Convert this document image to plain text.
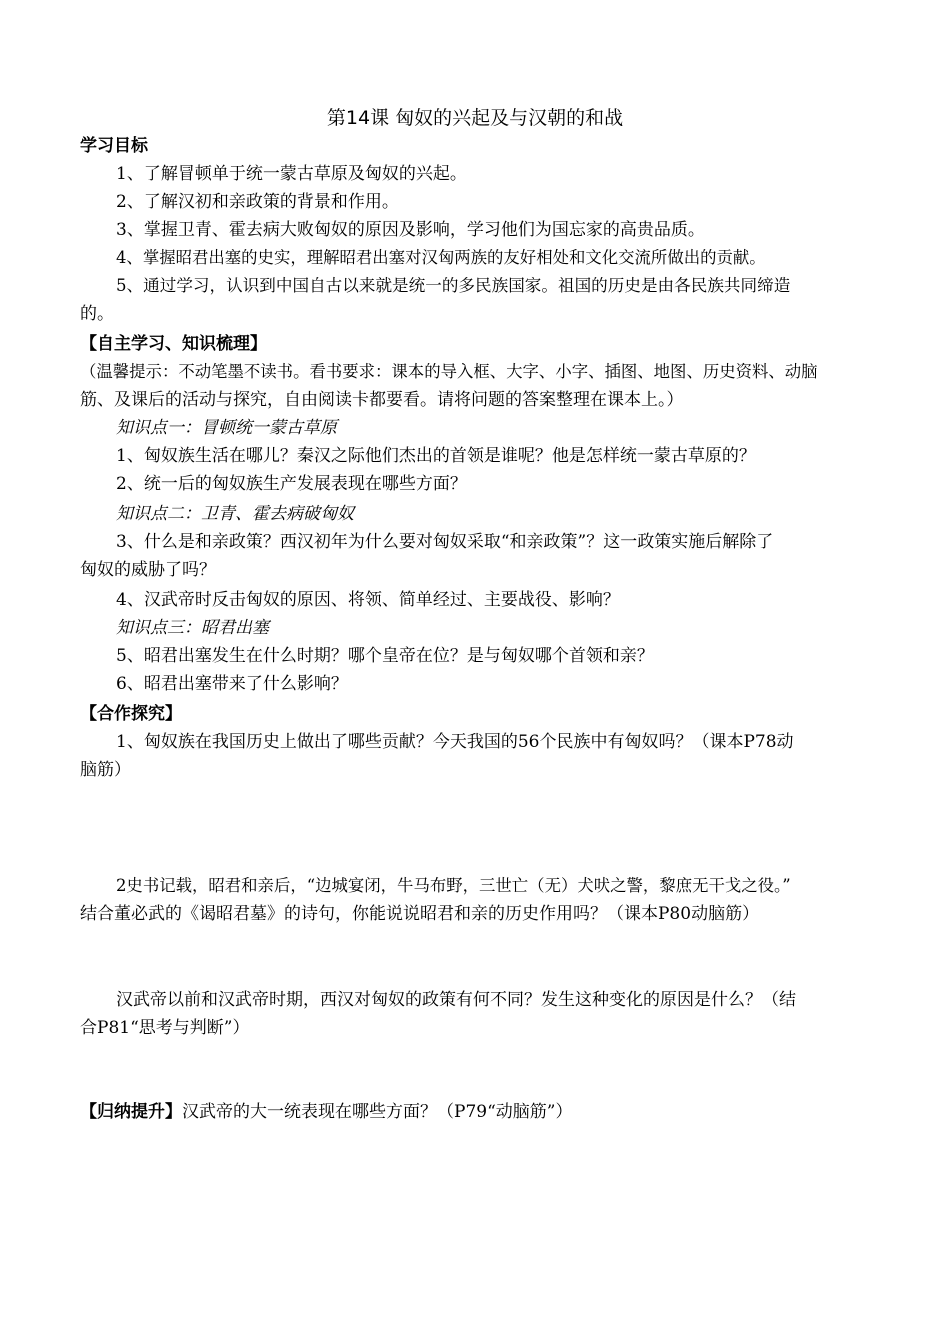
第14课 匈奴的兴起及与汉朝的和战
学习目标
1、了解冒顿单于统一蒙古草原及匈奴的兴起。
2、了解汉初和亲政策的背景和作用。
3、掌握卫青、霍去病大败匈奴的原因及影响，学习他们为国忘家的高贵品质。
4、掌握昭君出塞的史实，理解昭君出塞对汉匈两族的友好相处和文化交流所做出的贡献。
5、通过学习，认识到中国自古以来就是统一的多民族国家。祖国的历史是由各民族共同缔造
的。
【自主学习、知识梳理】
（温馨提示：不动笔墨不读书。看书要求：课本的导入框、大字、小字、插图、地图、历史资料、动脑
筋、及课后的活动与探究，自由阅读卡都要看。请将问题的答案整理在课本上。）
知识点一：冒顿统一蒙古草原
1、匈奴族生活在哪儿？秦汉之际他们杰出的首领是谁呢？他是怎样统一蒙古草原的？
2、统一后的匈奴族生产发展表现在哪些方面？
知识点二：卫青、霍去病破匈奴
3、什么是和亲政策？西汉初年为什么要对匈奴采取“和亲政策”？这一政策实施后解除了
匈奴的威胁了吗？
4、汉武帝时反击匈奴的原因、将领、简单经过、主要战役、影响？
知识点三：昭君出塞
5、昭君出塞发生在什么时期？哪个皇帝在位？是与匈奴哪个首领和亲？
6、昭君出塞带来了什么影响？
【合作探究】
1、匈奴族在我国历史上做出了哪些贡献？今天我国的56个民族中有匈奴吗？（课本P78动
脑筋）
2史书记载，昭君和亲后，“边城宴闭，牛马布野，三世亡（无）犬吠之警，黎庶无干戈之役。”
结合董必武的《谒昭君墓》的诗句，你能说说昭君和亲的历史作用吗？（课本P80动脑筋）
汉武帝以前和汉武帝时期，西汉对匈奴的政策有何不同？发生这种变化的原因是什么？（结
合P81“思考与判断”）
【归纳提升】汉武帝的大一统表现在哪些方面？（P79“动脑筋”）
